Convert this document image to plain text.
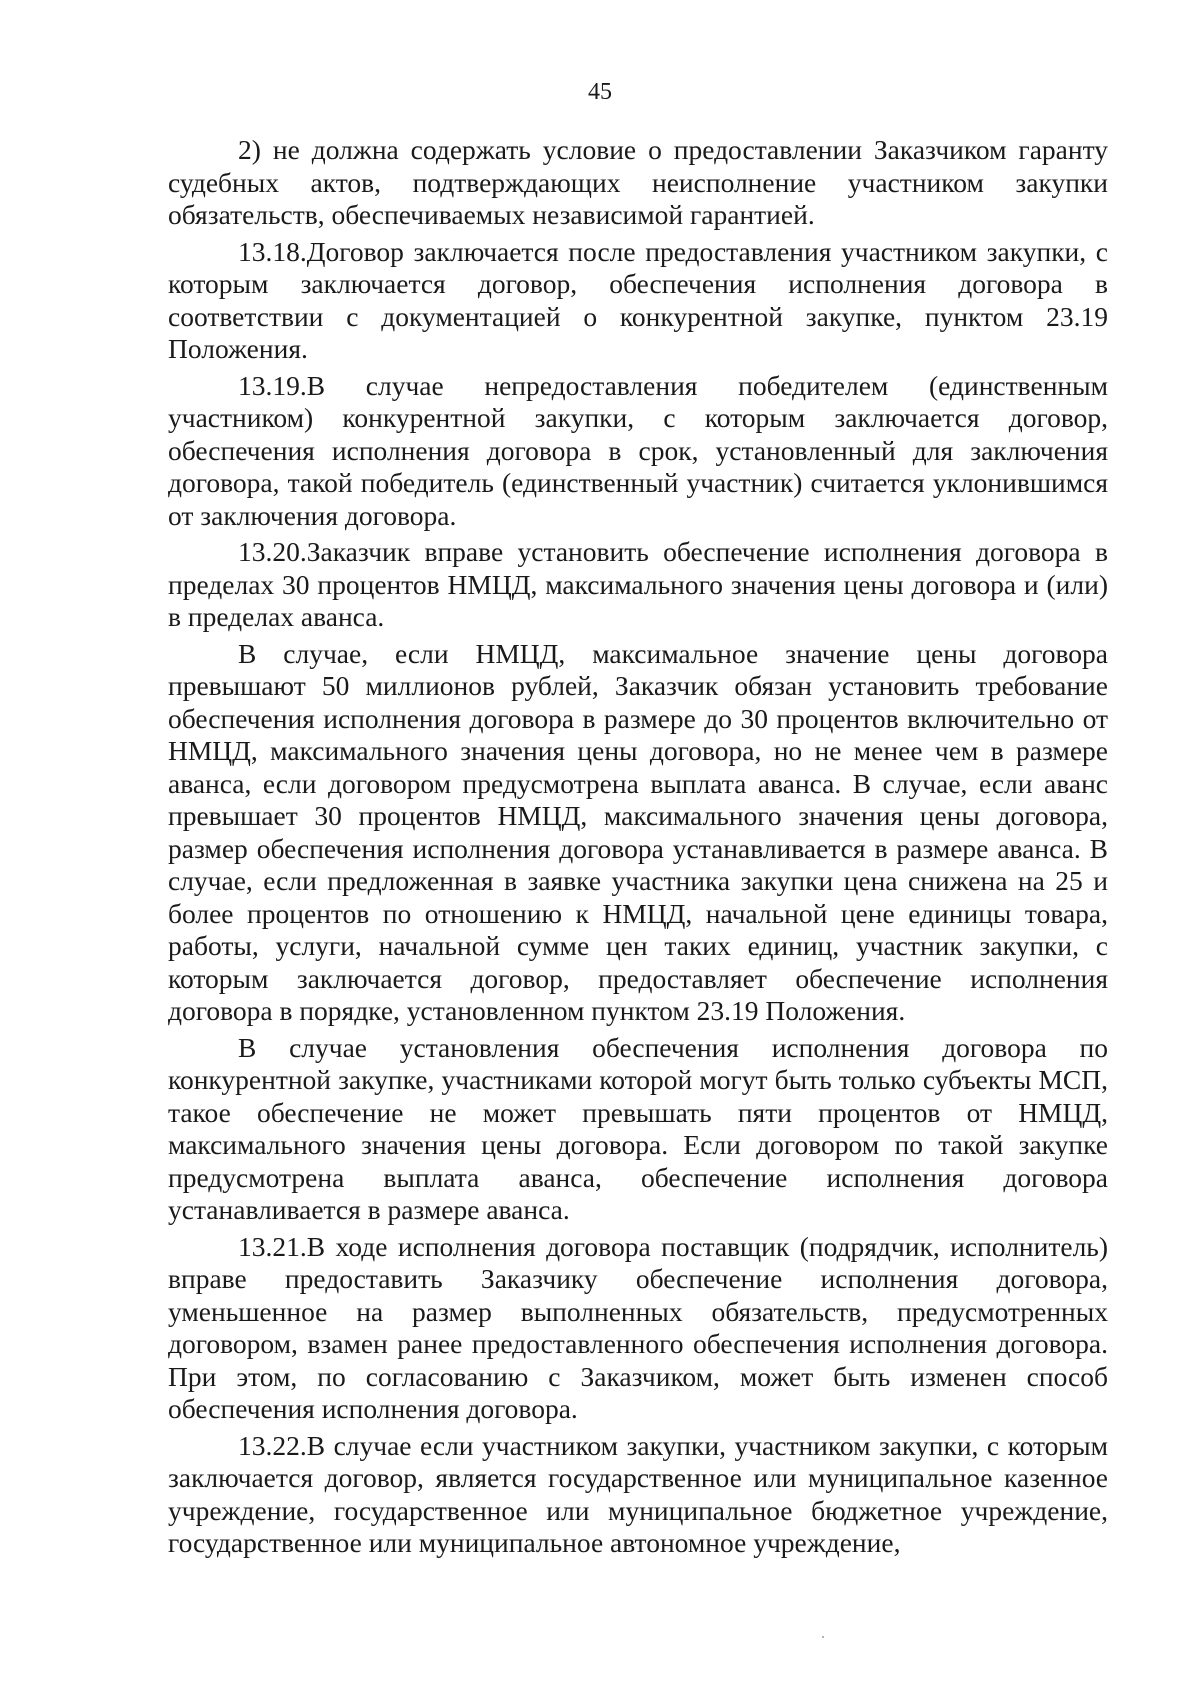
45

2) не должна содержать условие о предоставлении Заказчиком гаранту судебных актов, подтверждающих неисполнение участником закупки обязательств, обеспечиваемых независимой гарантией.

13.18.Договор заключается после предоставления участником закупки, с которым заключается договор, обеспечения исполнения договора в соответствии с документацией о конкурентной закупке, пунктом 23.19 Положения.

13.19.В случае непредоставления победителем (единственным участником) конкурентной закупки, с которым заключается договор, обеспечения исполнения договора в срок, установленный для заключения договора, такой победитель (единственный участник) считается уклонившимся от заключения договора.

13.20.Заказчик вправе установить обеспечение исполнения договора в пределах 30 процентов НМЦД, максимального значения цены договора и (или) в пределах аванса.

В случае, если НМЦД, максимальное значение цены договора превышают 50 миллионов рублей, Заказчик обязан установить требование обеспечения исполнения договора в размере до 30 процентов включительно от НМЦД, максимального значения цены договора, но не менее чем в размере аванса, если договором предусмотрена выплата аванса. В случае, если аванс превышает 30 процентов НМЦД, максимального значения цены договора, размер обеспечения исполнения договора устанавливается в размере аванса. В случае, если предложенная в заявке участника закупки цена снижена на 25 и более процентов по отношению к НМЦД, начальной цене единицы товара, работы, услуги, начальной сумме цен таких единиц, участник закупки, с которым заключается договор, предоставляет обеспечение исполнения договора в порядке, установленном пунктом 23.19 Положения.

В случае установления обеспечения исполнения договора по конкурентной закупке, участниками которой могут быть только субъекты МСП, такое обеспечение не может превышать пяти процентов от НМЦД, максимального значения цены договора. Если договором по такой закупке предусмотрена выплата аванса, обеспечение исполнения договора устанавливается в размере аванса.

13.21.В ходе исполнения договора поставщик (подрядчик, исполнитель) вправе предоставить Заказчику обеспечение исполнения договора, уменьшенное на размер выполненных обязательств, предусмотренных договором, взамен ранее предоставленного обеспечения исполнения договора. При этом, по согласованию с Заказчиком, может быть изменен способ обеспечения исполнения договора.

13.22.В случае если участником закупки, участником закупки, с которым заключается договор, является государственное или муниципальное казенное учреждение, государственное или муниципальное бюджетное учреждение, государственное или муниципальное автономное учреждение,
